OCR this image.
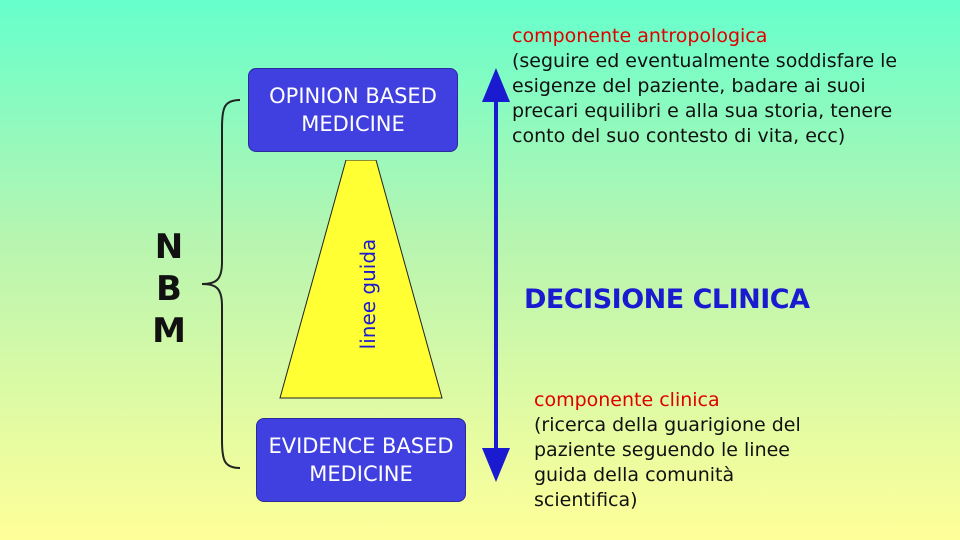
OPINION BASED
MEDICINE
EVIDENCE BASED
MEDICINE
linee guida
N
B
M
componente antropologica
(seguire ed eventualmente soddisfare le esigenze del paziente, badare ai suoi precari equilibri e alla sua storia, tenere conto del suo contesto di vita, ecc)
DECISIONE CLINICA
componente clinica
(ricerca della guarigione del paziente seguendo le linee guida della comunità scientifica)
